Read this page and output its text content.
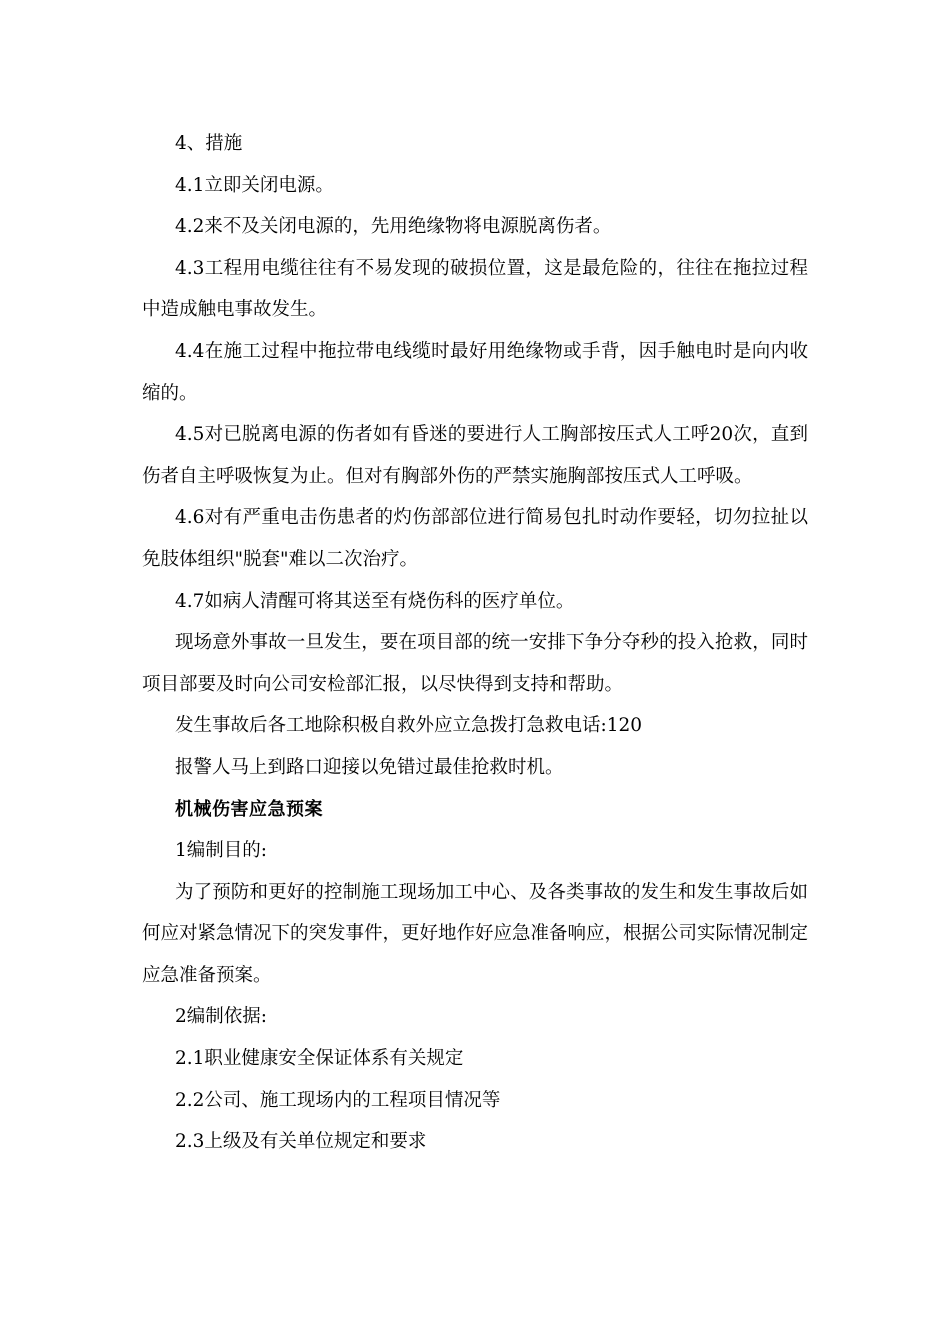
4、措施

4.1立即关闭电源。

4.2来不及关闭电源的，先用绝缘物将电源脱离伤者。

4.3工程用电缆往往有不易发现的破损位置，这是最危险的，往往在拖拉过程中造成触电事故发生。

4.4在施工过程中拖拉带电线缆时最好用绝缘物或手背，因手触电时是向内收缩的。

4.5对已脱离电源的伤者如有昏迷的要进行人工胸部按压式人工呼20次，直到伤者自主呼吸恢复为止。但对有胸部外伤的严禁实施胸部按压式人工呼吸。

4.6对有严重电击伤患者的灼伤部部位进行简易包扎时动作要轻，切勿拉扯以免肢体组织"脱套"难以二次治疗。

4.7如病人清醒可将其送至有烧伤科的医疗单位。

现场意外事故一旦发生，要在项目部的统一安排下争分夺秒的投入抢救，同时项目部要及时向公司安检部汇报，以尽快得到支持和帮助。

发生事故后各工地除积极自救外应立急拨打急救电话:120

报警人马上到路口迎接以免错过最佳抢救时机。

机械伤害应急预案

1编制目的:

为了预防和更好的控制施工现场加工中心、及各类事故的发生和发生事故后如何应对紧急情况下的突发事件，更好地作好应急准备响应，根据公司实际情况制定应急准备预案。

2编制依据:

2.1职业健康安全保证体系有关规定

2.2公司、施工现场内的工程项目情况等

2.3上级及有关单位规定和要求
